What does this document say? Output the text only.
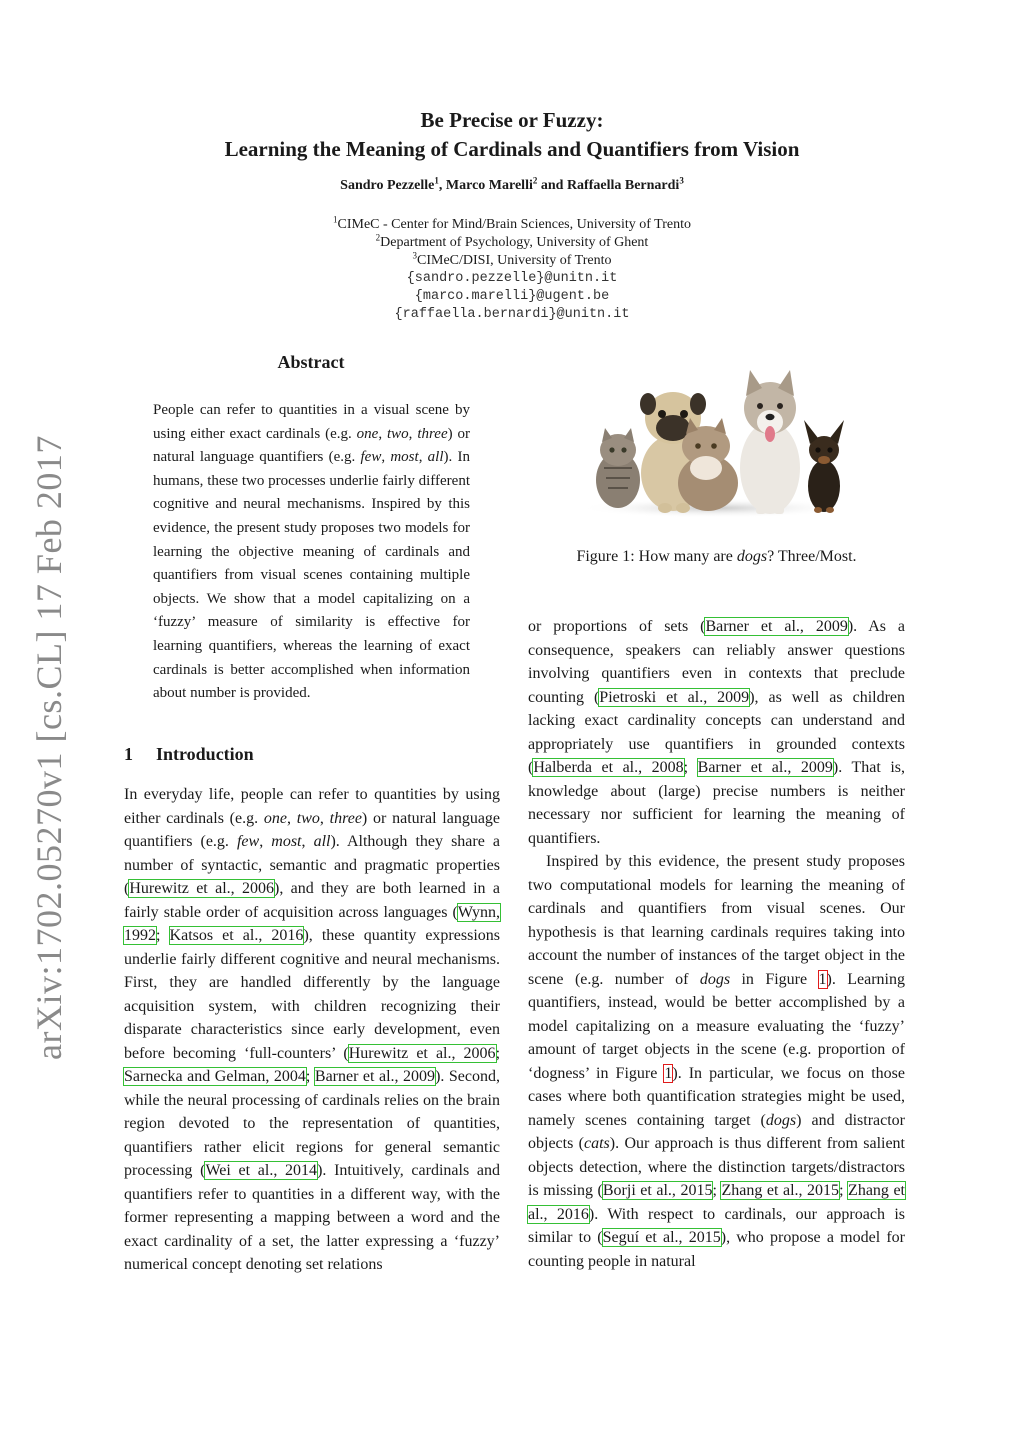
arXiv:1702.05270v1 [cs.CL] 17 Feb 2017
Be Precise or Fuzzy:
Learning the Meaning of Cardinals and Quantifiers from Vision
Sandro Pezzelle$^1$, Marco Marelli$^2$ and Raffaella Bernardi$^3$
$^1$CIMeC - Center for Mind/Brain Sciences, University of Trento
$^2$Department of Psychology, University of Ghent
$^3$CIMeC/DISI, University of Trento
{sandro.pezzelle}@unitn.it
{marco.marelli}@ugent.be
{raffaella.bernardi}@unitn.it
Abstract
People can refer to quantities in a visual scene by using either exact cardinals (e.g. one, two, three) or natural language quantifiers (e.g. few, most, all). In humans, these two processes underlie fairly different cognitive and neural mechanisms. Inspired by this evidence, the present study proposes two models for learning the objective meaning of cardinals and quantifiers from visual scenes containing multiple objects. We show that a model capitalizing on a ‘fuzzy’ measure of similarity is effective for learning quantifiers, whereas the learning of exact cardinals is better accomplished when information about number is provided.
1 Introduction

In everyday life, people can refer to quantities by using either cardinals (e.g. one, two, three) or natural language quantifiers (e.g. few, most, all). Although they share a number of syntactic, semantic and pragmatic properties (Hurewitz et al., 2006), and they are both learned in a fairly stable order of acquisition across languages (Wynn, 1992; Katsos et al., 2016), these quantity expressions underlie fairly different cognitive and neural mechanisms. First, they are handled differently by the language acquisition system, with children recognizing their disparate characteristics since early development, even before becoming ‘full-counters’ (Hurewitz et al., 2006; Sarnecka and Gelman, 2004; Barner et al., 2009). Second, while the neural processing of cardinals relies on the brain region devoted to the representation of quantities, quantifiers rather elicit regions for general semantic processing (Wei et al., 2014). Intuitively, cardinals and quantifiers refer to quantities in a different way, with the former representing a mapping between a word and the exact cardinality of a set, the latter expressing a ‘fuzzy’ numerical concept denoting set relations

Figure 1: How many are dogs? Three/Most.

or proportions of sets (Barner et al., 2009). As a consequence, speakers can reliably answer questions involving quantifiers even in contexts that preclude counting (Pietroski et al., 2009), as well as children lacking exact cardinality concepts can understand and appropriately use quantifiers in grounded contexts (Halberda et al., 2008; Barner et al., 2009). That is, knowledge about (large) precise numbers is neither necessary nor sufficient for learning the meaning of quantifiers.

Inspired by this evidence, the present study proposes two computational models for learning the meaning of cardinals and quantifiers from visual scenes. Our hypothesis is that learning cardinals requires taking into account the number of instances of the target object in the scene (e.g. number of dogs in Figure 1). Learning quantifiers, instead, would be better accomplished by a model capitalizing on a measure evaluating the ‘fuzzy’ amount of target objects in the scene (e.g. proportion of ‘dogness’ in Figure 1). In particular, we focus on those cases where both quantification strategies might be used, namely scenes containing target (dogs) and distractor objects (cats). Our approach is thus different from salient objects detection, where the distinction targets/distractors is missing (Borji et al., 2015; Zhang et al., 2015; Zhang et al., 2016). With respect to cardinals, our approach is similar to (Seguí et al., 2015), who propose a model for counting people in natural
